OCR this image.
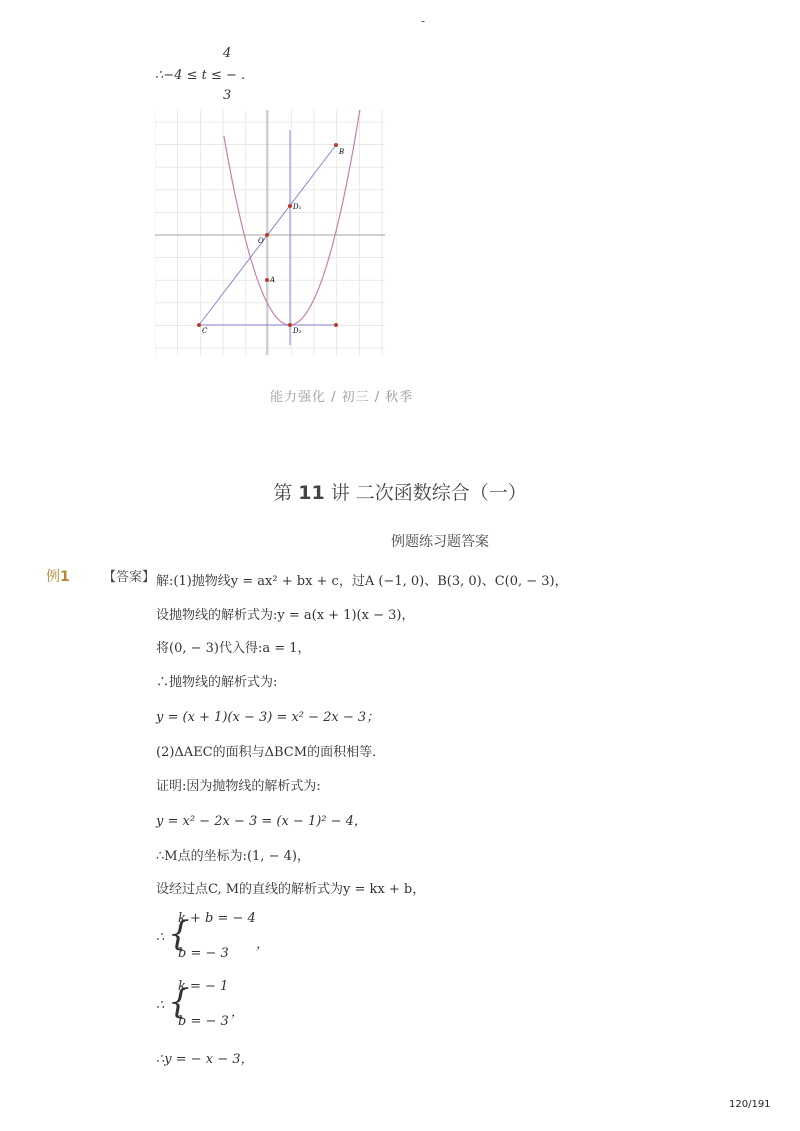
-
4
∴−4 ≤ t ≤ − .
3
B
D₁
O
A
C	D₂
能力强化 / 初三 / 秋季
第 11 讲 二次函数综合（一）
例题练习题答案
例1	【答案】 解:(1)抛物线y = ax² + bx + c，过A (−1, 0)、B(3, 0)、C(0, − 3)，
设抛物线的解析式为:y = a(x + 1)(x − 3)，
将(0, − 3)代入得:a = 1，
∴抛物线的解析式为:
y = (x + 1)(x − 3) = x² − 2x − 3；
(2)ΔAEC的面积与ΔBCM的面积相等．
证明:因为抛物线的解析式为:
y = x² − 2x − 3 = (x − 1)² − 4，
∴M点的坐标为:(1, − 4)，
设经过点C, M的直线的解析式为y = kx + b，
∴ {
k + b = − 4
b = − 3
，
∴ {
k = − 1
b = − 3
，
∴y = − x − 3，
120/191
